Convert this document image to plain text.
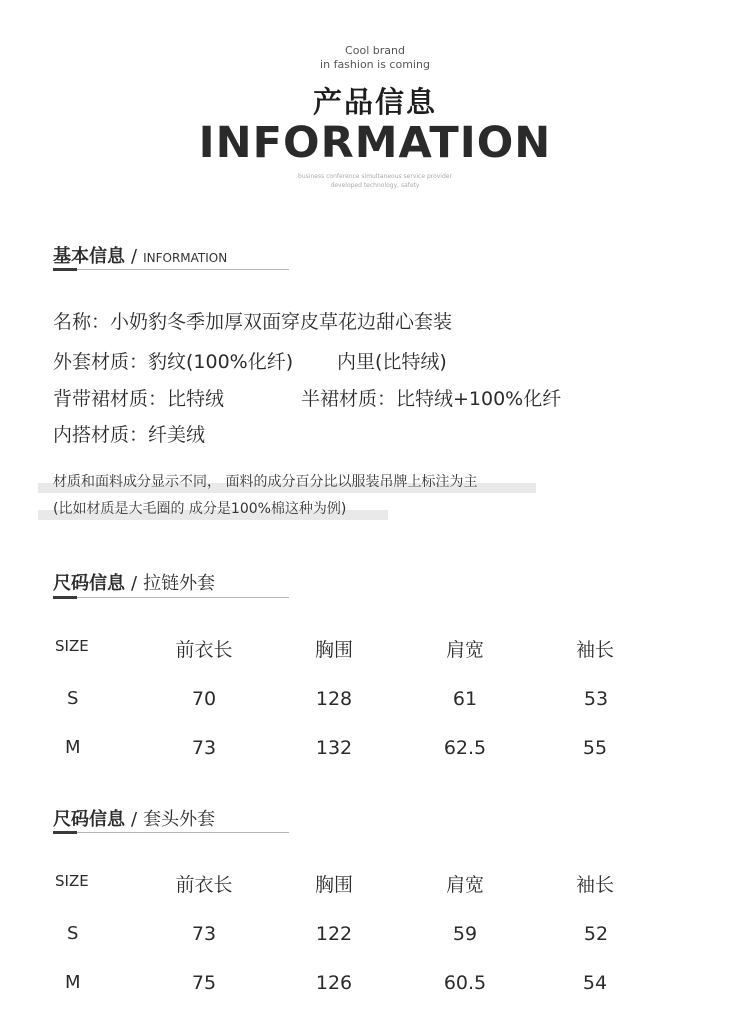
Cool brand
in fashion is coming
产品信息
INFORMATION
business conference simultaneous service provider
developed technology, safety
基本信息 / INFORMATION
名称：小奶豹冬季加厚双面穿皮草花边甜心套装
外套材质：豹纹(100%化纤) 内里(比特绒)
背带裙材质：比特绒	半裙材质：比特绒+100%化纤
内搭材质：纤美绒
材质和面料成分显示不同， 面料的成分百分比以服装吊牌上标注为主
(比如材质是大毛圈的 成分是100%棉这种为例)
尺码信息 / 拉链外套
SIZE	前衣长	胸围	肩宽	袖长
S	70	128	61	53
M	73	132	62.5	55
尺码信息 / 套头外套
SIZE	前衣长	胸围	肩宽	袖长
S	73	122	59	52
M	75	126	60.5	54
